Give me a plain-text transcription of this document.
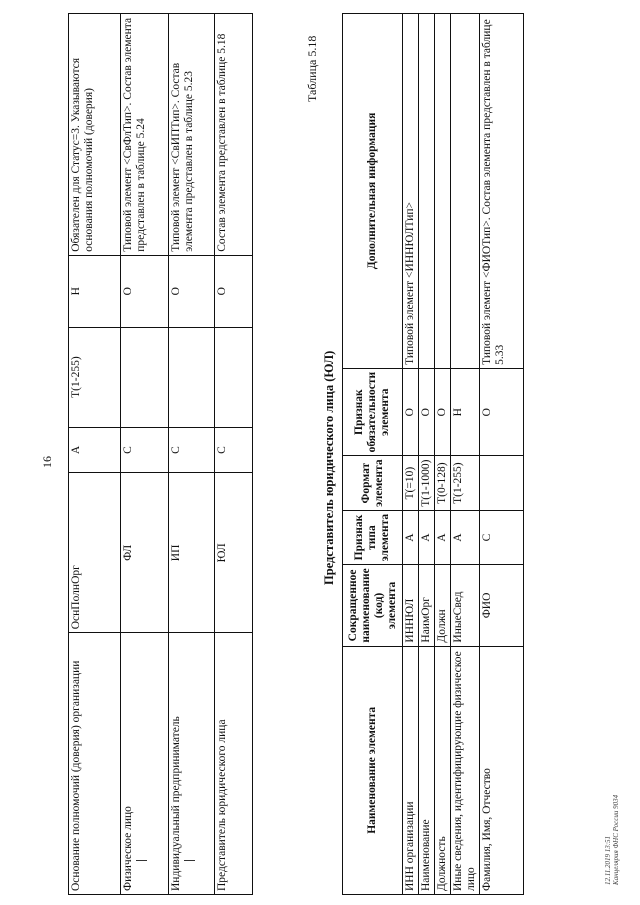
16
Основание полномочий (доверия) организации	ОснПолнОрг	А	T(1-255)	Н	Обязателен для Статус=3. Указываются основания полномочий (доверия)

Физическое лицо	ФЛ	С		О	Типовой элемент <СвФлТип>. Состав элемента представлен в таблице 5.24

Индивидуальный предприниматель	ИП	С		О	Типовой элемент <СвИПТип>. Состав элемента представлен в таблице 5.23
Представитель юридического лица	ЮЛ	С		О	Состав элемента представлен в таблице 5.18	Таблица 5.18
Представитель юридического лица (ЮЛ)
Наименование элемента	Сокращенное наименование (код) элемента	Признак типа элемента	Формат элемента	Признак обязательности элемента	Дополнительная информация
ИНН организации	ИННЮЛ	А	T(=10)	О	Типовой элемент <ИННЮЛТип>
Наименование	НаимОрг	А	T(1-1000)	О	
Должность	Должн	А	T(0-128)	О	
Иные сведения, идентифицирующие физическое лицо	ИныеСвед	А	T(1-255)	Н	
Фамилия, Имя, Отчество	ФИО	С		О	Типовой элемент <ФИОТип>. Состав элемента представлен в таблице 5.33
12.11.2019 13:51 Канцелярия ФНС России 9034
